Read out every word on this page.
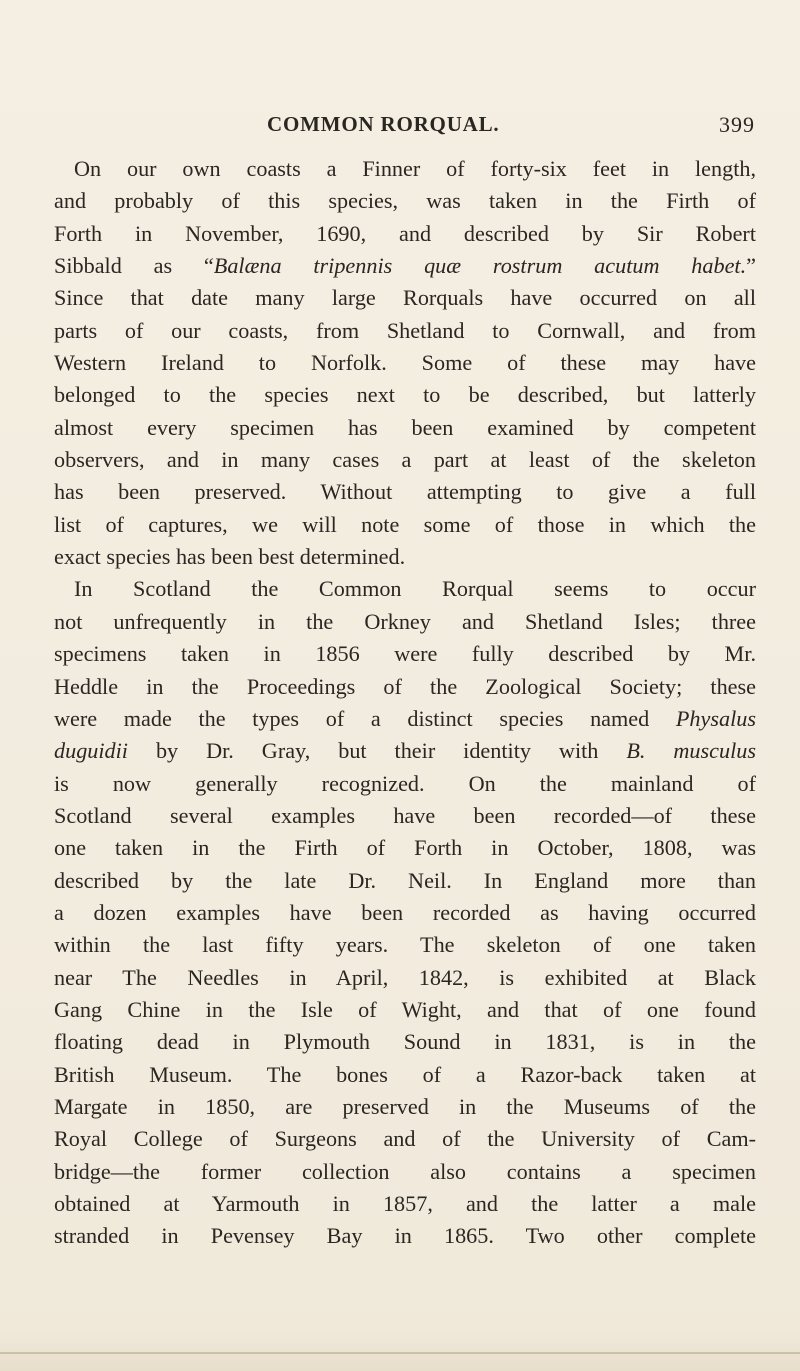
COMMON RORQUAL.	399
On our own coasts a Finner of forty-six feet in length,
and probably of this species, was taken in the Firth of
Forth in November, 1690, and described by Sir Robert
Sibbald as “Balæna tripennis quæ rostrum acutum habet.”
Since that date many large Rorquals have occurred on all
parts of our coasts, from Shetland to Cornwall, and from
Western Ireland to Norfolk. Some of these may have
belonged to the species next to be described, but latterly
almost every specimen has been examined by competent
observers, and in many cases a part at least of the skeleton
has been preserved. Without attempting to give a full
list of captures, we will note some of those in which the
exact species has been best determined.
In Scotland the Common Rorqual seems to occur
not unfrequently in the Orkney and Shetland Isles; three
specimens taken in 1856 were fully described by Mr.
Heddle in the Proceedings of the Zoological Society; these
were made the types of a distinct species named Physalus
duguidii by Dr. Gray, but their identity with B. musculus
is now generally recognized. On the mainland of
Scotland several examples have been recorded—of these
one taken in the Firth of Forth in October, 1808, was
described by the late Dr. Neil. In England more than
a dozen examples have been recorded as having occurred
within the last fifty years. The skeleton of one taken
near The Needles in April, 1842, is exhibited at Black
Gang Chine in the Isle of Wight, and that of one found
floating dead in Plymouth Sound in 1831, is in the
British Museum. The bones of a Razor-back taken at
Margate in 1850, are preserved in the Museums of the
Royal College of Surgeons and of the University of Cam-
bridge—the former collection also contains a specimen
obtained at Yarmouth in 1857, and the latter a male
stranded in Pevensey Bay in 1865. Two other complete
